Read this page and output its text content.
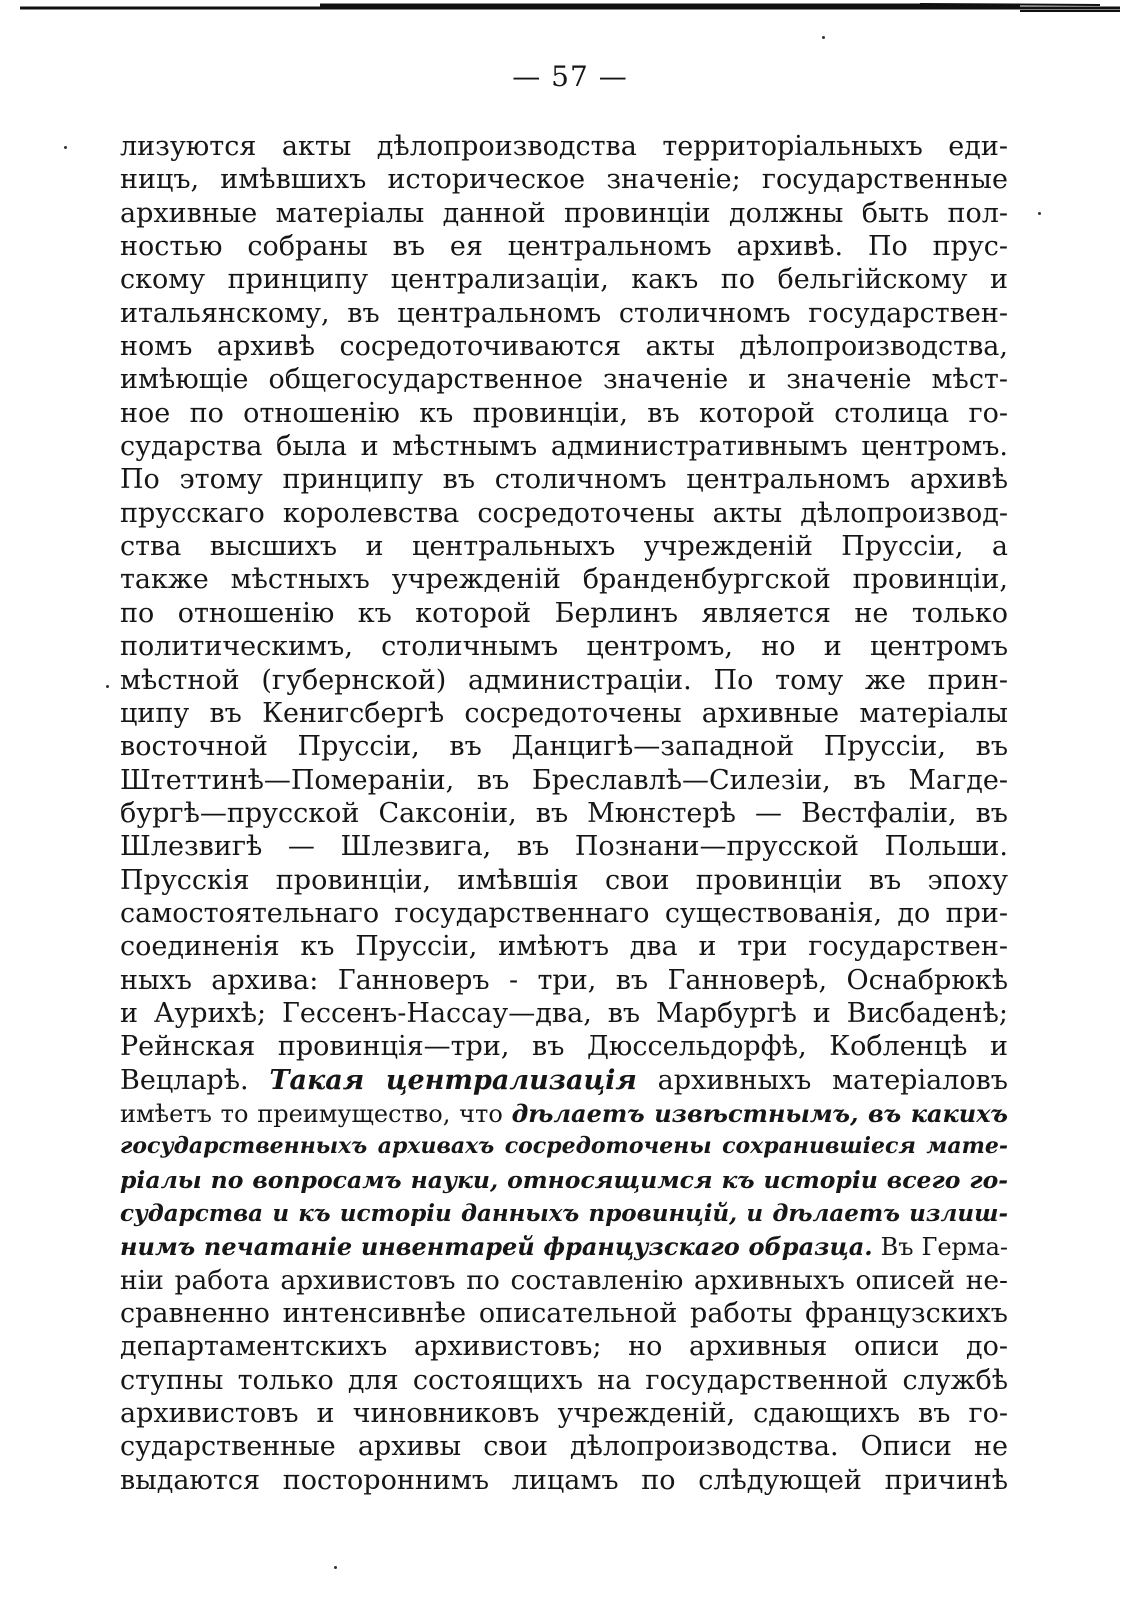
— 57 —
лизуются акты дѣлопроизводства территоріальныхъ еди-
ницъ, имѣвшихъ историческое значеніе; государственные
архивные матеріалы данной провинціи должны быть пол-
ностью собраны въ ея центральномъ архивѣ. По прус-
скому принципу централизаціи, какъ по бельгійскому и
итальянскому, въ центральномъ столичномъ государствен-
номъ архивѣ сосредоточиваются акты дѣлопроизводства,
имѣющіе общегосударственное значеніе и значеніе мѣст-
ное по отношенію къ провинціи, въ которой столица го-
сударства была и мѣстнымъ административнымъ центромъ.
По этому принципу въ столичномъ центральномъ архивѣ
прусскаго королевства сосредоточены акты дѣлопроизвод-
ства высшихъ и центральныхъ учрежденій Пруссіи, а
также мѣстныхъ учрежденій бранденбургской провинціи,
по отношенію къ которой Берлинъ является не только
политическимъ, столичнымъ центромъ, но и центромъ
мѣстной (губернской) администраціи. По тому же прин-
ципу въ Кенигсбергѣ сосредоточены архивные матеріалы
восточной Пруссіи, въ Данцигѣ—западной Пруссіи, въ
Штеттинѣ—Помераніи, въ Бреславлѣ—Силезіи, въ Магде-
бургѣ—прусской Саксоніи, въ Мюнстерѣ — Вестфаліи, въ
Шлезвигѣ — Шлезвига, въ Познани—прусской Польши.
Прусскія провинціи, имѣвшія свои провинціи въ эпоху
самостоятельнаго государственнаго существованія, до при-
соединенія къ Пруссіи, имѣютъ два и три государствен-
ныхъ архива: Ганноверъ - три, въ Ганноверѣ, Оснабрюкѣ
и Аурихѣ; Гессенъ-Нассау—два, въ Марбургѣ и Висбаденѣ;
Рейнская провинція—три, въ Дюссельдорфѣ, Кобленцѣ и
Вецларѣ. Такая централизація архивныхъ матеріаловъ
имѣетъ то преимущество, что дѣлаетъ извѣстнымъ, въ какихъ
государственныхъ архивахъ сосредоточены сохранившіеся мате-
ріалы по вопросамъ науки, относящимся къ исторіи всего го-
сударства и къ исторіи данныхъ провинцій, и дѣлаетъ излиш-
нимъ печатаніе инвентарей французскаго образца. Въ Герма-
ніи работа архивистовъ по составленію архивныхъ описей не-
сравненно интенсивнѣе описательной работы французскихъ
департаментскихъ архивистовъ; но архивныя описи до-
ступны только для состоящихъ на государственной службѣ
архивистовъ и чиновниковъ учрежденій, сдающихъ въ го-
сударственные архивы свои дѣлопроизводства. Описи не
выдаются постороннимъ лицамъ по слѣдующей причинѣ
